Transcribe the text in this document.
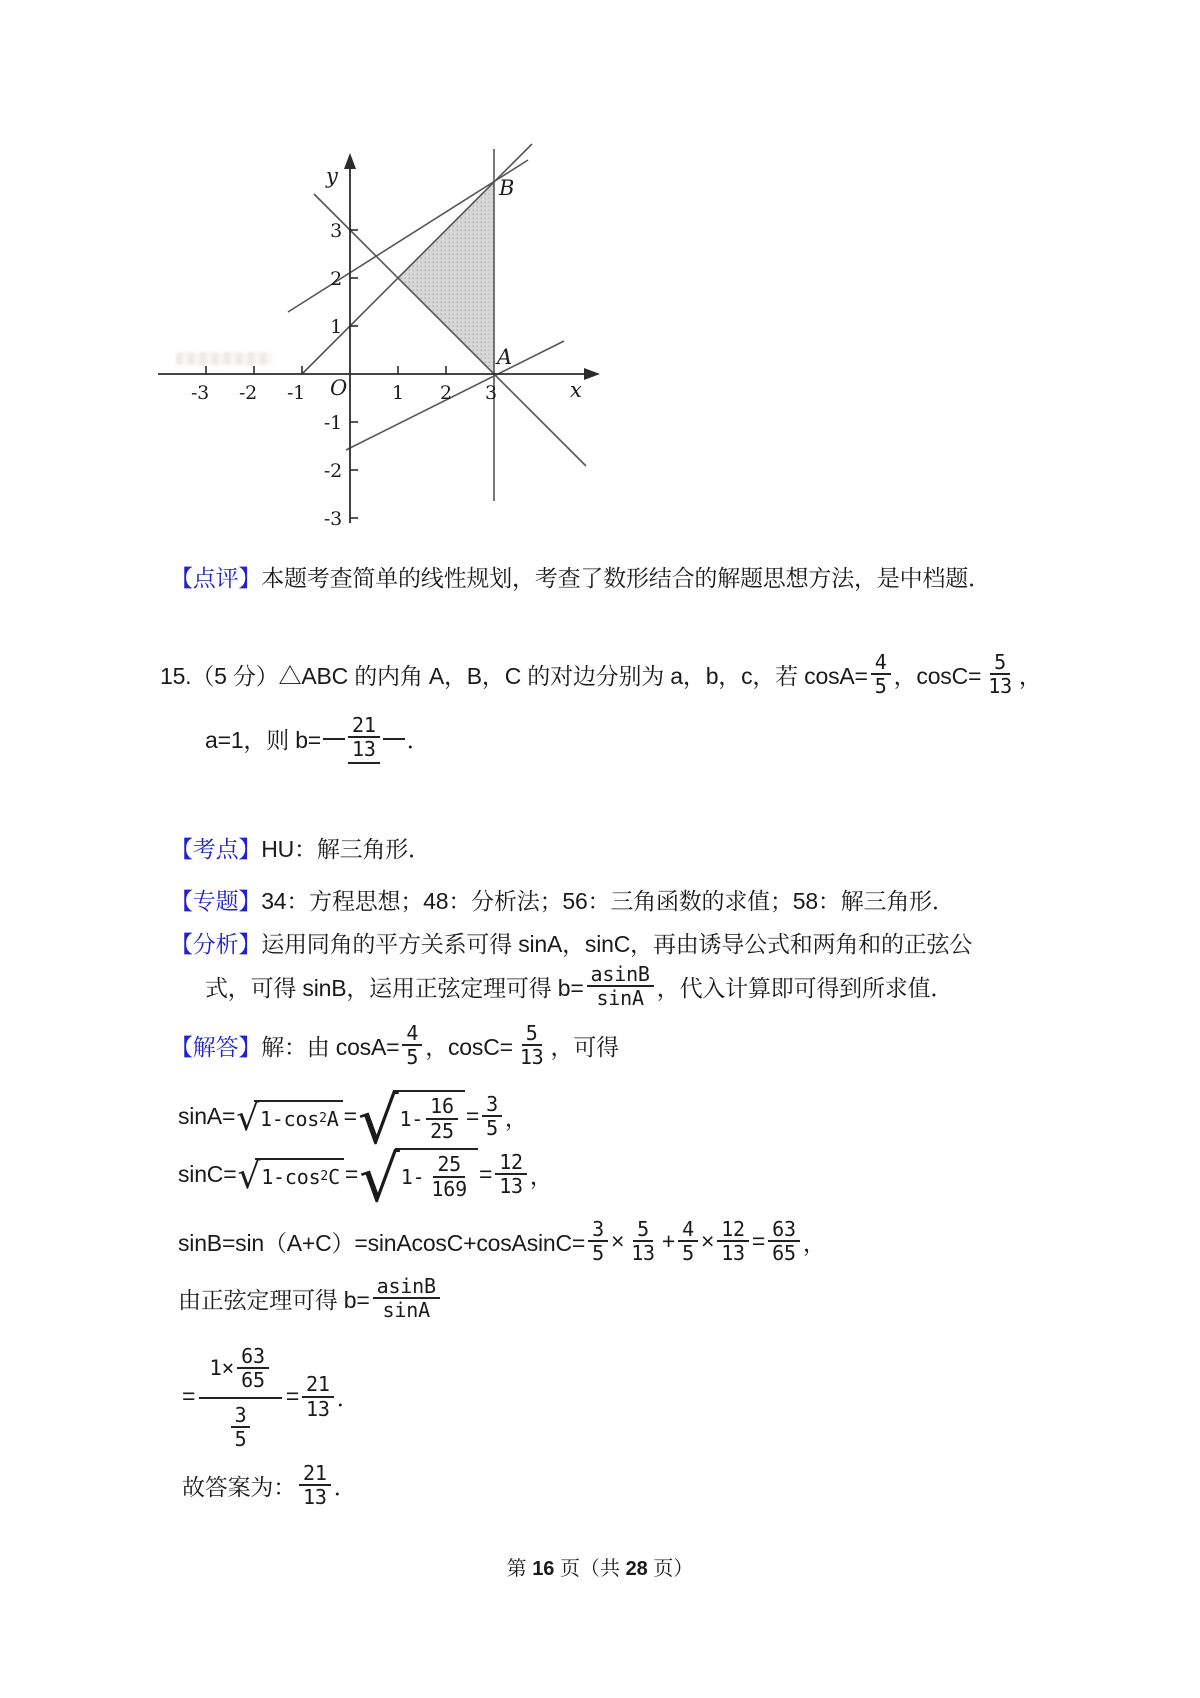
y
x
O
B
A
-3 -2 -1	1 2 3
3
2
1
-1
-2
-3
【点评】 本题考查简单的线性规划，考查了数形结合的解题思想方法，是中档题．
15.（5 分）△ABC 的内角 A，B，C 的对边分别为 a，b，c，若 $\cos A= \frac{4}{5}$ ，$\cos C= \frac{5}{13}$ ，
a=1，则 $b= \frac{21}{13}$ ．
【考点】 HU：解三角形．
【专题】 34：方程思想；48：分析法；56：三角函数的求值；58：解三角形．
【分析】 运用同角的平方关系可得 sinA，sinC，再由诱导公式和两角和的正弦公
式，可得 sinB，运用正弦定理可得 $b= \frac{asinB}{\sin A}$ ，代入计算即可得到所求值．
【解答】 解：由 $\cos A= \frac{4}{5}$ ，$\cos C= \frac{5}{13}$ ，可得
sinA= √ 1-cos 2 A = √ $1- \frac{16}{25} = \frac{3}{5}$ ，
sinC= √ 1-cos 2 C = √ $1- \frac{25}{169} = \frac{12}{13}$ ，
sinB=sin（A+C）=sinAcosC+cosAsinC= $\frac{3}{5} \times \frac{5}{13} + \frac{4}{5} \times \frac{12}{13} = \frac{63}{65}$ ，
由正弦定理可得 $b= \frac{asinB}{\sin A}$
= $\frac{1\times \frac{63}{65}}{\frac{3}{5}} = \frac{21}{13}$ ．
故答案为： $\frac{21}{13}$ ．
第 16 页（共 28 页）
